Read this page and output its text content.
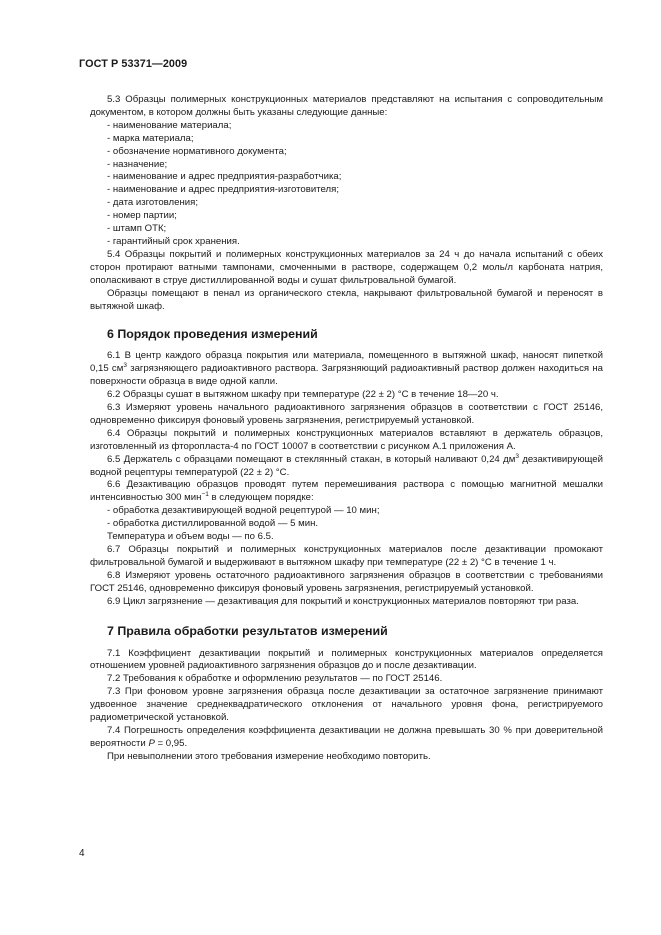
ГОСТ Р 53371—2009

5.3 Образцы полимерных конструкционных материалов представляют на испытания с сопроводительным документом, в котором должны быть указаны следующие данные:

- наименование материала;

- марка материала;

- обозначение нормативного документа;

- назначение;

- наименование и адрес предприятия-разработчика;

- наименование и адрес предприятия-изготовителя;

- дата изготовления;

- номер партии;

- штамп ОТК;

- гарантийный срок хранения.

5.4 Образцы покрытий и полимерных конструкционных материалов за 24 ч до начала испытаний с обеих сторон протирают ватными тампонами, смоченными в растворе, содержащем 0,2 моль/л карбоната натрия, ополаскивают в струе дистиллированной воды и сушат фильтровальной бумагой.

Образцы помещают в пенал из органического стекла, накрывают фильтровальной бумагой и переносят в вытяжной шкаф.

6 Порядок проведения измерений

6.1 В центр каждого образца покрытия или материала, помещенного в вытяжной шкаф, наносят пипеткой 0,15 $см^3$ загрязняющего радиоактивного раствора. Загрязняющий радиоактивный раствор должен находиться на поверхности образца в виде одной капли.

6.2 Образцы сушат в вытяжном шкафу при температуре (22 ± 2) °С в течение 18—20 ч.

6.3 Измеряют уровень начального радиоактивного загрязнения образцов в соответствии с ГОСТ 25146, одновременно фиксируя фоновый уровень загрязнения, регистрируемый установкой.

6.4 Образцы покрытий и полимерных конструкционных материалов вставляют в держатель образцов, изготовленный из фторопласта-4 по ГОСТ 10007 в соответствии с рисунком А.1 приложения А.

6.5 Держатель с образцами помещают в стеклянный стакан, в который наливают 0,24 $дм^3$ дезактивирующей водной рецептуры температурой (22 ± 2) °С.

6.6 Дезактивацию образцов проводят путем перемешивания раствора с помощью магнитной мешалки интенсивностью 300 мин$^{-1}$ в следующем порядке:

- обработка дезактивирующей водной рецептурой — 10 мин;

- обработка дистиллированной водой — 5 мин.

Температура и объем воды — по 6.5.

6.7 Образцы покрытий и полимерных конструкционных материалов после дезактивации промокают фильтровальной бумагой и выдерживают в вытяжном шкафу при температуре (22 ± 2) °С в течение 1 ч.

6.8 Измеряют уровень остаточного радиоактивного загрязнения образцов в соответствии с требованиями ГОСТ 25146, одновременно фиксируя фоновый уровень загрязнения, регистрируемый установкой.

6.9 Цикл загрязнение — дезактивация для покрытий и конструкционных материалов повторяют три раза.

7 Правила обработки результатов измерений

7.1 Коэффициент дезактивации покрытий и полимерных конструкционных материалов определяется отношением уровней радиоактивного загрязнения образцов до и после дезактивации.

7.2 Требования к обработке и оформлению результатов — по ГОСТ 25146.

7.3 При фоновом уровне загрязнения образца после дезактивации за остаточное загрязнение принимают удвоенное значение среднеквадратического отклонения от начального уровня фона, регистрируемого радиометрической установкой.

7.4 Погрешность определения коэффициента дезактивации не должна превышать 30 % при доверительной вероятности Р = 0,95.

При невыполнении этого требования измерение необходимо повторить.

4
